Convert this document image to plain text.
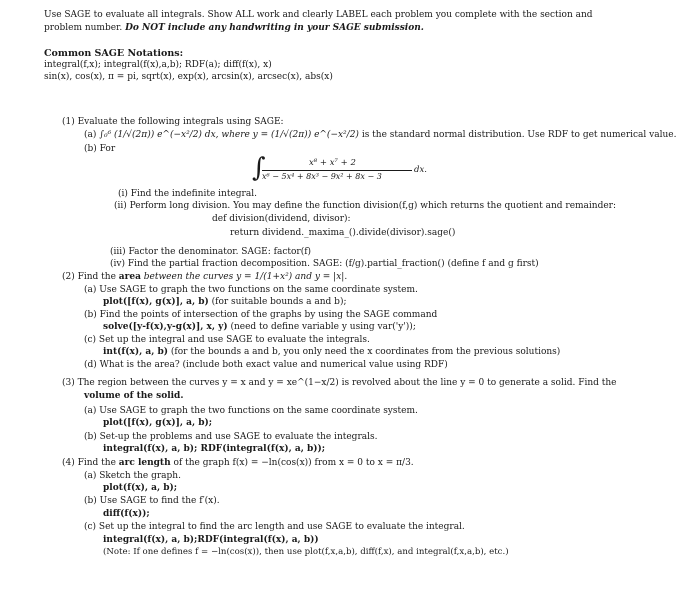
Use SAGE to evaluate all integrals. Show ALL work and clearly LABEL each problem you complete with the section and
problem number. Do NOT include any handwriting in your SAGE submission.
Common SAGE Notations:
integral(f,x); integral(f(x),a,b); RDF(a); diff(f(x), x)
sin(x), cos(x), π = pi, sqrt(x), exp(x), arcsin(x), arcsec(x), abs(x)
(1) Evaluate the following integrals using SAGE:
(a) ∫₀⁶ (1/√(2π)) e^(−x²/2) dx, where y = (1/√(2π)) e^(−x²/2) is the standard normal distribution. Use RDF to get numerical value.
(b) For
∫	x⁸ + x⁷ + 2
x⁶ − 5x⁴ + 8x³ − 9x² + 8x − 3
dx.
(i) Find the indefinite integral.
(ii) Perform long division. You may define the function division(f,g) which returns the quotient and remainder:
def division(dividend, divisor):
return dividend._maxima_().divide(divisor).sage()
(iii) Factor the denominator. SAGE: factor(f)
(iv) Find the partial fraction decomposition. SAGE: (f/g).partial_fraction() (define f and g first)
(2) Find the area between the curves y = 1/(1+x²) and y = |x|.
(a) Use SAGE to graph the two functions on the same coordinate system.
plot([f(x), g(x)], a, b) (for suitable bounds a and b);
(b) Find the points of intersection of the graphs by using the SAGE command
solve([y-f(x),y-g(x)], x, y) (need to define variable y using var('y'));
(c) Set up the integral and use SAGE to evaluate the integrals.
int(f(x), a, b) (for the bounds a and b, you only need the x coordinates from the previous solutions)
(d) What is the area? (include both exact value and numerical value using RDF)
(3) The region between the curves y = x and y = xe^(1−x/2) is revolved about the line y = 0 to generate a solid. Find the
volume of the solid.
(a) Use SAGE to graph the two functions on the same coordinate system.
plot([f(x), g(x)], a, b);
(b) Set-up the problems and use SAGE to evaluate the integrals.
integral(f(x), a, b); RDF(integral(f(x), a, b));
(4) Find the arc length of the graph f(x) = −ln(cos(x)) from x = 0 to x = π/3.
(a) Sketch the graph.
plot(f(x), a, b);
(b) Use SAGE to find the f′(x).
diff(f(x));
(c) Set up the integral to find the arc length and use SAGE to evaluate the integral.
integral(f(x), a, b);RDF(integral(f(x), a, b))
(Note: If one defines f = −ln(cos(x)), then use plot(f,x,a,b), diff(f,x), and integral(f,x,a,b), etc.)
